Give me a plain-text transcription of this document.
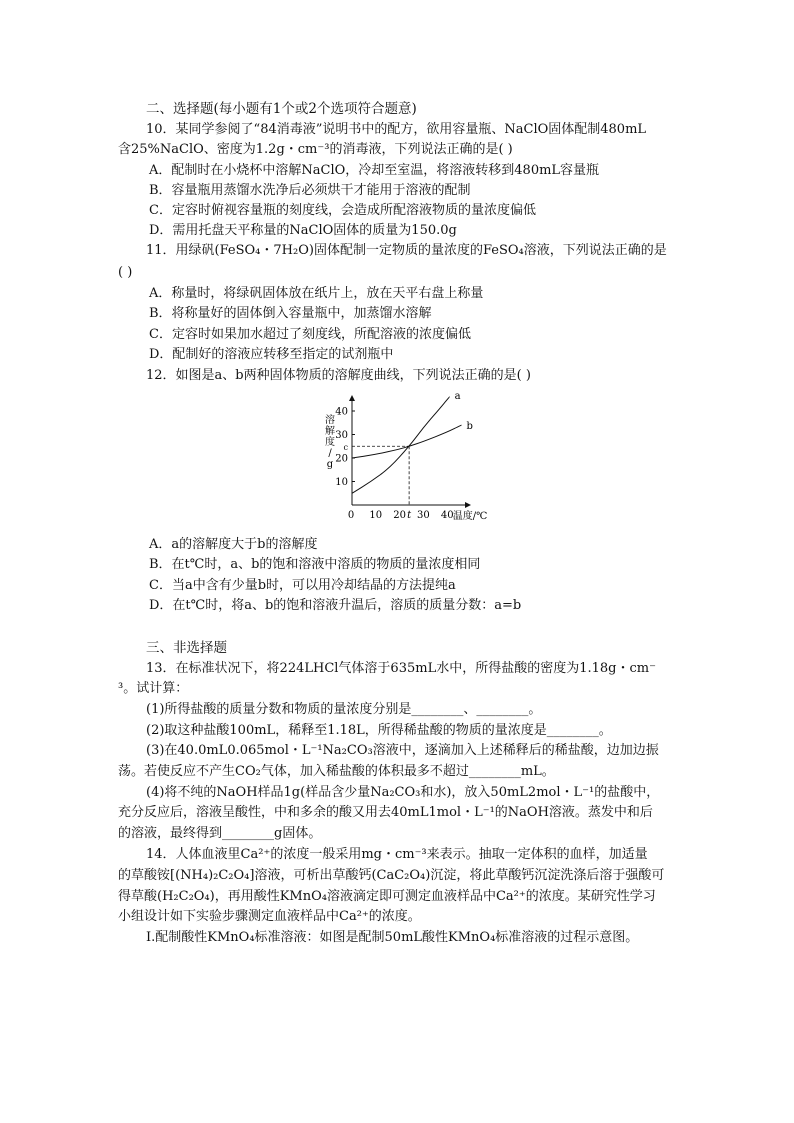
二、选择题(每小题有1个或2个选项符合题意)
10．某同学参阅了“84消毒液”说明书中的配方，欲用容量瓶、NaClO固体配制480mL
含25%NaClO、密度为1.2g・cm⁻³的消毒液，下列说法正确的是( )
A．配制时在小烧杯中溶解NaClO，冷却至室温，将溶液转移到480mL容量瓶
B．容量瓶用蒸馏水洗净后必须烘干才能用于溶液的配制
C．定容时俯视容量瓶的刻度线，会造成所配溶液物质的量浓度偏低
D．需用托盘天平称量的NaClO固体的质量为150.0g
11．用绿矾(FeSO₄・7H₂O)固体配制一定物质的量浓度的FeSO₄溶液，下列说法正确的是
( )
A．称量时，将绿矾固体放在纸片上，放在天平右盘上称量
B．将称量好的固体倒入容量瓶中，加蒸馏水溶解
C．定容时如果加水超过了刻度线，所配溶液的浓度偏低
D．配制好的溶液应转移至指定的试剂瓶中
12．如图是a、b两种固体物质的溶解度曲线，下列说法正确的是( )
溶
解
度
/
g
温度/℃
0 10 20 t 30 40
10
20
c
30
40
a
b
A．a的溶解度大于b的溶解度
B．在t℃时，a、b的饱和溶液中溶质的物质的量浓度相同
C．当a中含有少量b时，可以用冷却结晶的方法提纯a
D．在t℃时，将a、b的饱和溶液升温后，溶质的质量分数：a=b
三、非选择题
13．在标准状况下，将224LHCl气体溶于635mL水中，所得盐酸的密度为1.18g・cm⁻
³。试计算：
(1)所得盐酸的质量分数和物质的量浓度分别是________、________。
(2)取这种盐酸100mL，稀释至1.18L，所得稀盐酸的物质的量浓度是________。
(3)在40.0mL0.065mol・L⁻¹Na₂CO₃溶液中，逐滴加入上述稀释后的稀盐酸，边加边振
荡。若使反应不产生CO₂气体，加入稀盐酸的体积最多不超过________mL。
(4)将不纯的NaOH样品1g(样品含少量Na₂CO₃和水)，放入50mL2mol・L⁻¹的盐酸中，
充分反应后，溶液呈酸性，中和多余的酸又用去40mL1mol・L⁻¹的NaOH溶液。蒸发中和后
的溶液，最终得到________g固体。
14．人体血液里Ca²⁺的浓度一般采用mg・cm⁻³来表示。抽取一定体积的血样，加适量
的草酸铵[(NH₄)₂C₂O₄]溶液，可析出草酸钙(CaC₂O₄)沉淀，将此草酸钙沉淀洗涤后溶于强酸可
得草酸(H₂C₂O₄)，再用酸性KMnO₄溶液滴定即可测定血液样品中Ca²⁺的浓度。某研究性学习
小组设计如下实验步骤测定血液样品中Ca²⁺的浓度。
Ⅰ.配制酸性KMnO₄标准溶液：如图是配制50mL酸性KMnO₄标准溶液的过程示意图。
